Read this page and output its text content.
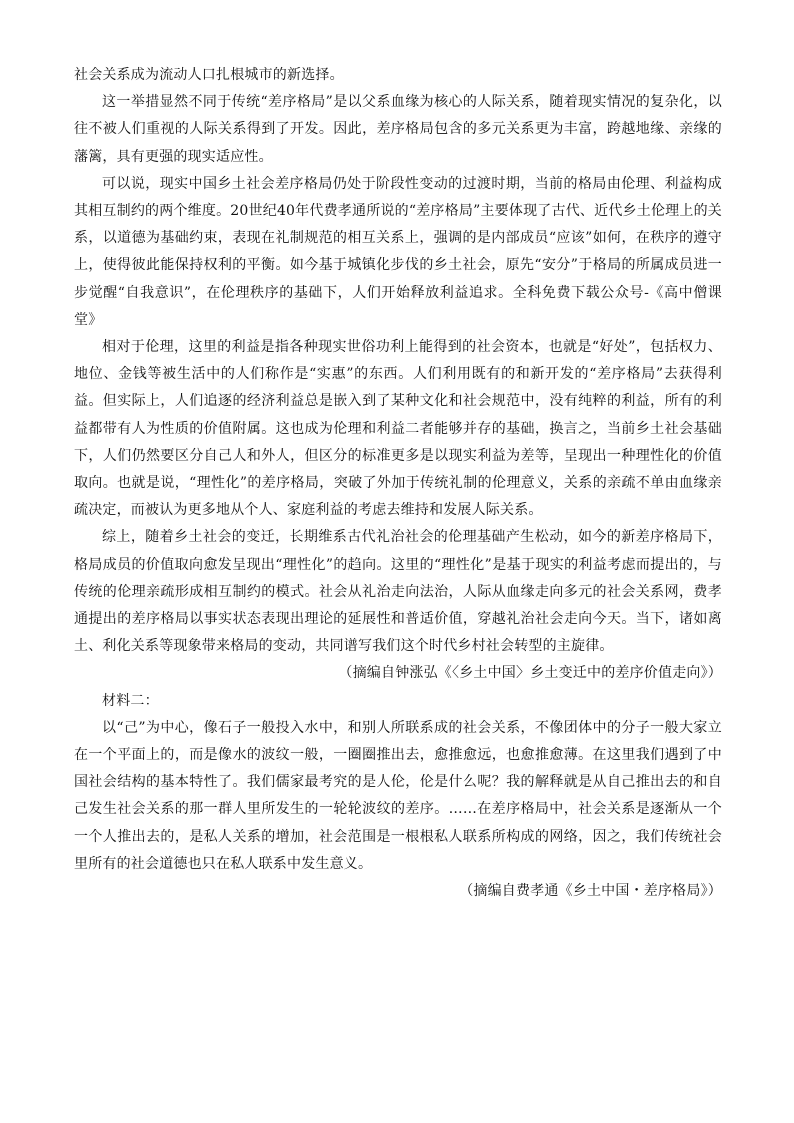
社会关系成为流动人口扎根城市的新选择。

这一举措显然不同于传统“差序格局”是以父系血缘为核心的人际关系，随着现实情况的复杂化，以往不被人们重视的人际关系得到了开发。因此，差序格局包含的多元关系更为丰富，跨越地缘、亲缘的藩篱，具有更强的现实适应性。

可以说，现实中国乡土社会差序格局仍处于阶段性变动的过渡时期，当前的格局由伦理、利益构成其相互制约的两个维度。20世纪40年代费孝通所说的“差序格局”主要体现了古代、近代乡土伦理上的关系，以道德为基础约束，表现在礼制规范的相互关系上，强调的是内部成员“应该”如何，在秩序的遵守上，使得彼此能保持权利的平衡。如今基于城镇化步伐的乡土社会，原先“安分”于格局的所属成员进一步觉醒“自我意识”，在伦理秩序的基础下，人们开始释放利益追求。全科免费下载公众号-《高中僧课堂》

相对于伦理，这里的利益是指各种现实世俗功利上能得到的社会资本，也就是“好处”，包括权力、地位、金钱等被生活中的人们称作是“实惠”的东西。人们利用既有的和新开发的“差序格局”去获得利益。但实际上，人们追逐的经济利益总是嵌入到了某种文化和社会规范中，没有纯粹的利益，所有的利益都带有人为性质的价值附属。这也成为伦理和利益二者能够并存的基础，换言之，当前乡土社会基础下，人们仍然要区分自己人和外人，但区分的标准更多是以现实利益为差等，呈现出一种理性化的价值取向。也就是说，“理性化”的差序格局，突破了外加于传统礼制的伦理意义，关系的亲疏不单由血缘亲疏决定，而被认为更多地从个人、家庭利益的考虑去维持和发展人际关系。

综上，随着乡土社会的变迁，长期维系古代礼治社会的伦理基础产生松动，如今的新差序格局下，格局成员的价值取向愈发呈现出“理性化”的趋向。这里的“理性化”是基于现实的利益考虑而提出的，与传统的伦理亲疏形成相互制约的模式。社会从礼治走向法治，人际从血缘走向多元的社会关系网，费孝通提出的差序格局以事实状态表现出理论的延展性和普适价值，穿越礼治社会走向今天。当下，诸如离土、利化关系等现象带来格局的变动，共同谱写我们这个时代乡村社会转型的主旋律。

（摘编自钟涨弘《〈乡土中国〉乡土变迁中的差序价值走向》）

材料二：

以“己”为中心，像石子一般投入水中，和别人所联系成的社会关系，不像团体中的分子一般大家立在一个平面上的，而是像水的波纹一般，一圈圈推出去，愈推愈远，也愈推愈薄。在这里我们遇到了中国社会结构的基本特性了。我们儒家最考究的是人伦，伦是什么呢？我的解释就是从自己推出去的和自己发生社会关系的那一群人里所发生的一轮轮波纹的差序。……在差序格局中，社会关系是逐渐从一个一个人推出去的，是私人关系的增加，社会范围是一根根私人联系所构成的网络，因之，我们传统社会里所有的社会道德也只在私人联系中发生意义。

（摘编自费孝通《乡土中国・差序格局》）
